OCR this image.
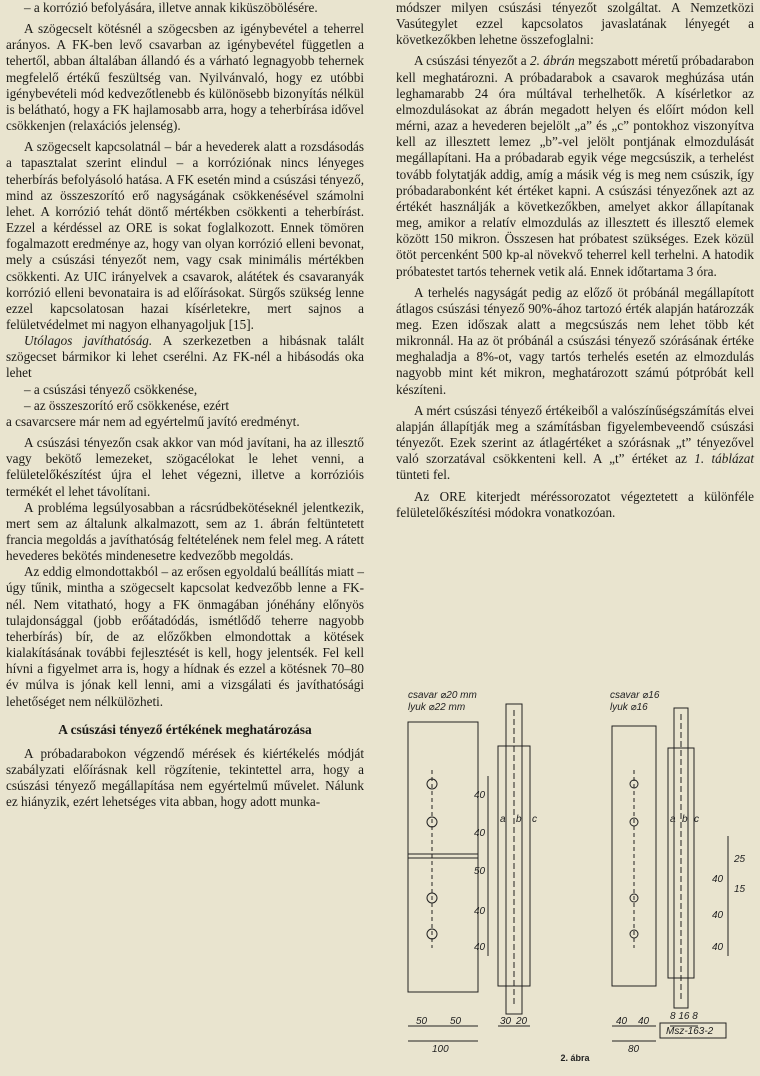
– a korrózió befolyására, illetve annak kiküszöbölésére.

A szögecselt kötésnél a szögecsben az igénybevétel a teherrel arányos. A FK-ben levő csavarban az igénybevétel független a tehertől, abban általában állandó és a várható legnagyobb tehernek megfelelő értékű feszültség van. Nyilvánvaló, hogy ez utóbbi igénybevételi mód kedvezőtlenebb és különösebb bizonyítás nélkül is belátható, hogy a FK hajlamosabb arra, hogy a teherbírása idővel csökkenjen (relaxációs jelenség).

A szögecselt kapcsolatnál – bár a hevederek alatt a rozsdásodás a tapasztalat szerint elindul – a korróziónak nincs lényeges teherbírás befolyásoló hatása. A FK esetén mind a csúszási tényező, mind az összeszorító erő nagyságának csökkenésével számolni lehet. A korrózió tehát döntő mértékben csökkenti a teherbírást. Ezzel a kérdéssel az ORE is sokat foglalkozott. Ennek tömören fogalmazott eredménye az, hogy van olyan korrózió elleni bevonat, mely a csúszási tényezőt nem, vagy csak minimális mértékben csökkenti. Az UIC irányelvek a csavarok, alátétek és csavaranyák korrózió elleni bevonataira is ad előírásokat. Sürgős szükség lenne ezzel kapcsolatosan hazai kísérletekre, mert sajnos a felületvédelmet mi nagyon elhanyagoljuk [15].

Utólagos javíthatóság. A szerkezetben a hibásnak talált szögecset bármikor ki lehet cserélni. Az FK-nél a hibásodás oka lehet

– a csúszási tényező csökkenése,

– az összeszorító erő csökkenése, ezért

a csavarcsere már nem ad egyértelmű javító eredményt.

A csúszási tényezőn csak akkor van mód javítani, ha az illesztő vagy bekötő lemezeket, szögacélokat le lehet venni, a felületelőkészítést újra el lehet végezni, illetve a korrózióis termékét el lehet távolítani.

A probléma legsúlyosabban a rácsrúdbekötéseknél jelentkezik, mert sem az általunk alkalmazott, sem az 1. ábrán feltüntetett francia megoldás a javíthatóság feltételének nem felel meg. A rátett hevederes bekötés mindenesetre kedvezőbb megoldás.

Az eddig elmondottakból – az erősen egyoldalú beállítás miatt – úgy tűnik, mintha a szögecselt kapcsolat kedvezőbb lenne a FK-nél. Nem vitatható, hogy a FK önmagában jónéhány előnyös tulajdonsággal (jobb erőátadódás, ismétlődő teherre nagyobb teherbírás) bír, de az előzőkben elmondottak a kötések kialakításának további fejlesztését is kell, hogy jelentsék. Fel kell hívni a figyelmet arra is, hogy a hídnak és ezzel a kötésnek 70–80 év múlva is jónak kell lenni, ami a vizsgálati és javíthatósági lehetőséget nem nélkülözheti.

A csúszási tényező értékének meghatározása

A próbadarabokon végzendő mérések és kiértékelés módját szabályzati előírásnak kell rögzítenie, tekintettel arra, hogy a csúszási tényező megállapítása nem egyértelmű művelet. Nálunk ez hiányzik, ezért lehetséges vita abban, hogy adott munka-

módszer milyen csúszási tényezőt szolgáltat. A Nemzetközi Vasútegylet ezzel kapcsolatos javaslatának lényegét a következőkben lehetne összefoglalni:

A csúszási tényezőt a 2. ábrán megszabott méretű próbadarabon kell meghatározni. A próbadarabok a csavarok meghúzása után leghamarabb 24 óra múltával terhelhetők. A kísérletkor az elmozdulásokat az ábrán megadott helyen és előírt módon kell mérni, azaz a hevederen bejelölt „a” és „c” pontokhoz viszonyítva kell az illesztett lemez „b”-vel jelölt pontjának elmozdulását megállapítani. Ha a próbadarab egyik vége megcsúszik, a terhelést tovább folytatják addig, amíg a másik vég is meg nem csúszik, így próbadarabonként két értéket kapni. A csúszási tényezőnek azt az értékét használják a következőkben, amelyet akkor állapítanak meg, amikor a relatív elmozdulás az illesztett és illesztő elemek között 150 mikron. Összesen hat próbatest szükséges. Ezek közül ötöt percenként 500 kp-al növekvő teherrel kell terhelni. A hatodik próbatestet tartós tehernek vetik alá. Ennek időtartama 3 óra.

A terhelés nagyságát pedig az előző öt próbánál megállapított átlagos csúszási tényező 90%-ához tartozó érték alapján határozzák meg. Ezen időszak alatt a megcsúszás nem lehet több két mikronnál. Ha az öt próbánál a csúszási tényező szórásának értéke meghaladja a 8%-ot, vagy tartós terhelés esetén az elmozdulás nagyobb mint két mikron, meghatározott számú pótpróbát kell készíteni.

A mért csúszási tényező értékeiből a valószínűségszámítás elvei alapján állapítják meg a számításban figyelembeveendő csúszási tényezőt. Ezek szerint az átlagértéket a szórásnak „t” tényezővel való szorzatával csökkenteni kell. A „t” értéket az 1. táblázat tünteti fel.

Az ORE kiterjedt méréssorozatot végeztetett a különféle felületelőkészítési módokra vonatkozóan.

csavar ⌀20 mm
lyuk ⌀22 mm
csavar ⌀16
lyuk ⌀16
a b c	a b c
40
40
50
40
40
40
40
40
25
15
50 50
100
30 20	40 40
80
8 16 8
Msz-163-2
2. ábra
